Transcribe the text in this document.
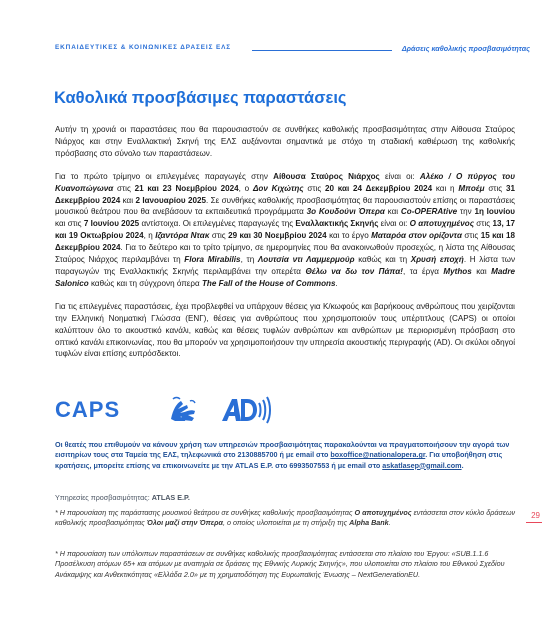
ΕΚΠΑΙΔΕΥΤΙΚΕΣ & ΚΟΙΝΩΝΙΚΕΣ ΔΡΑΣΕΙΣ ΕΛΣ	Δράσεις καθολικής προσβασιμότητας
Καθολικά προσβάσιμες παραστάσεις

Αυτήν τη χρονιά οι παραστάσεις που θα παρουσιαστούν σε συνθήκες καθολικής προσβασιμότητας στην Αίθουσα Σταύρος Νιάρχος και στην Εναλλακτική Σκηνή της ΕΛΣ αυξάνονται σημαντικά με στόχο τη σταδιακή καθιέρωση της καθολικής πρόσβασης στο σύνολο των παραστάσεων.

Για το πρώτο τρίμηνο οι επιλεγμένες παραγωγές στην Αίθουσα Σταύρος Νιάρχος είναι οι: Αλέκο / Ο πύργος του Κυανοπώγωνα στις 21 και 23 Νοεμβρίου 2024, ο Δον Κιχώτης στις 20 και 24 Δεκεμβρίου 2024 και η Μποέμ στις 31 Δεκεμβρίου 2024 και 2 Ιανουαρίου 2025. Σε συνθήκες καθολικής προσβασιμότητας θα παρουσιαστούν επίσης οι παραστάσεις μουσικού θεάτρου που θα ανεβάσουν τα εκπαιδευτικά προγράμματα 3ο Κουδούνι Όπερα και Co-OPERAtive την 1η Ιουνίου και στις 7 Ιουνίου 2025 αντίστοιχα. Οι επιλεγμένες παραγωγές της Εναλλακτικής Σκηνής είναι οι: Ο αποτυχημένος στις 13, 17 και 19 Οκτωβρίου 2024, η Ιζαντόρα Ντακ στις 29 και 30 Νοεμβρίου 2024 και το έργο Ματαρόα στον ορίζοντα στις 15 και 18 Δεκεμβρίου 2024. Για το δεύτερο και το τρίτο τρίμηνο, σε ημερομηνίες που θα ανακοινωθούν προσεχώς, η λίστα της Αίθουσας Σταύρος Νιάρχος περιλαμβάνει τη Flora Mirabilis, τη Λουτσία ντι Λαμμερμούρ καθώς και τη Χρυσή εποχή. Η λίστα των παραγωγών της Εναλλακτικής Σκηνής περιλαμβάνει την οπερέτα Θέλω να δω τον Πάπα!, τα έργα Mythos και Madre Salonico καθώς και τη σύγχρονη όπερα The Fall of the House of Commons.

Για τις επιλεγμένες παραστάσεις, έχει προβλεφθεί να υπάρχουν θέσεις για Κ/κωφούς και βαρήκοους ανθρώπους που χειρίζονται την Ελληνική Νοηματική Γλώσσα (ΕΝΓ), θέσεις για ανθρώπους που χρησιμοποιούν τους υπέρτιτλους (CAPS) οι οποίοι καλύπτουν όλο το ακουστικό κανάλι, καθώς και θέσεις τυφλών ανθρώπων και ανθρώπων με περιορισμένη πρόσβαση στο οπτικό κανάλι επικοινωνίας, που θα μπορούν να χρησιμοποιήσουν την υπηρεσία ακουστικής περιγραφής (AD). Οι σκύλοι οδηγοί τυφλών είναι επίσης ευπρόσδεκτοι.

CAPS
Οι θεατές που επιθυμούν να κάνουν χρήση των υπηρεσιών προσβασιμότητας παρακαλούνται να πραγματοποιήσουν την αγορά των εισιτηρίων τους στα Ταμεία της ΕΛΣ, τηλεφωνικά στο 2130885700 ή με email στο boxoffice@nationalopera.gr. Για υποβοήθηση στις κρατήσεις, μπορείτε επίσης να επικοινωνείτε με την ATLAS E.P. στο 6993507553 ή με email στο askatlasep@gmail.com.
Υπηρεσίες προσβασιμότητας: ATLAS E.P.
* Η παρουσίαση της παράστασης μουσικού θεάτρου σε συνθήκες καθολικής προσβασιμότητας Ο αποτυχημένος εντάσσεται στον κύκλο δράσεων καθολικής προσβασιμότητας Όλοι μαζί στην Όπερα, ο οποίος υλοποιείται με τη στήριξη της Alpha Bank.
* Η παρουσίαση των υπόλοιπων παραστάσεων σε συνθήκες καθολικής προσβασιμότητας εντάσσεται στο πλαίσιο του Έργου: «SUB.1.1.6 Προσέλκυση ατόμων 65+ και ατόμων με αναπηρία σε δράσεις της Εθνικής Λυρικής Σκηνής», που υλοποιείται στο πλαίσιο του Εθνικού Σχεδίου Ανάκαμψης και Ανθεκτικότητας «Ελλάδα 2.0» με τη χρηματοδότηση της Ευρωπαϊκής Ένωσης – NextGenerationEU.
29
